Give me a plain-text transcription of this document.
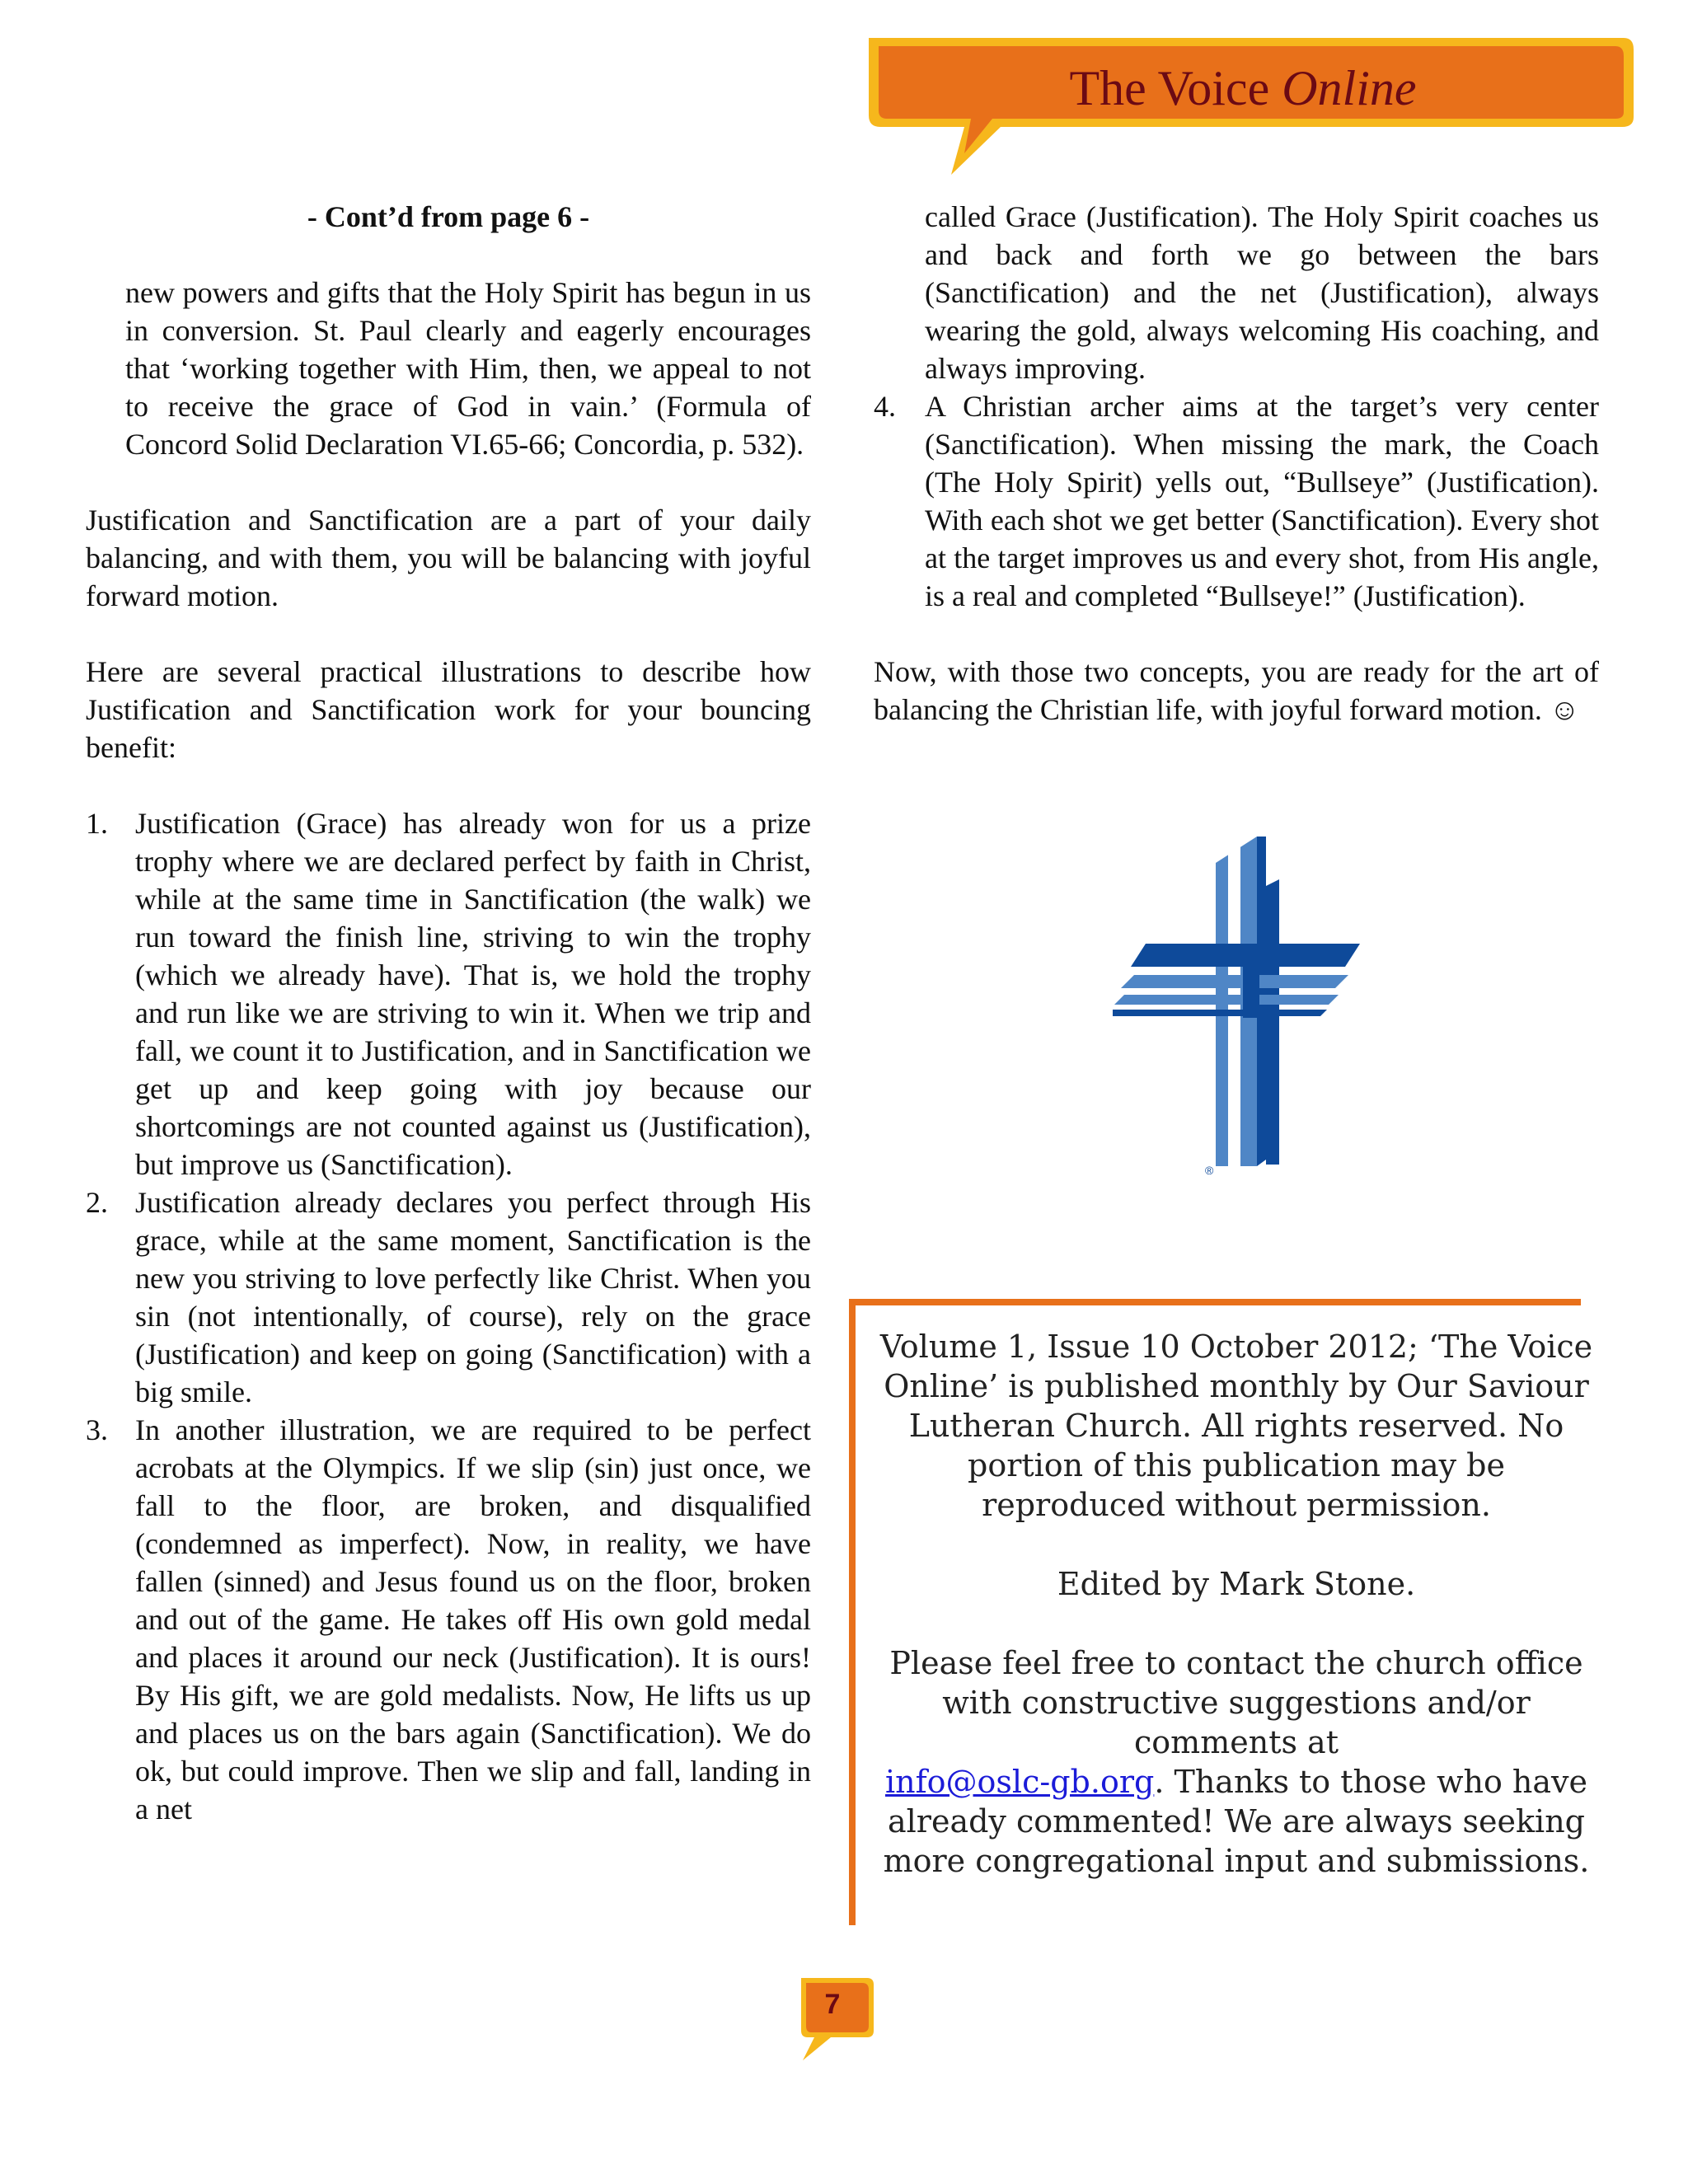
The Voice Online

- Cont’d from page 6 -

new powers and gifts that the Holy Spirit has begun in us in conversion. St. Paul clearly and eagerly encourages that ‘working together with Him, then, we appeal to not to receive the grace of God in vain.’ (Formula of Concord Solid Declaration VI.65-66; Concordia, p. 532).

Justification and Sanctification are a part of your daily balancing, and with them, you will be balancing with joyful forward motion.

Here are several practical illustrations to describe how Justification and Sanctification work for your bouncing benefit:

1. Justification (Grace) has already won for us a prize trophy where we are declared perfect by faith in Christ, while at the same time in Sanctification (the walk) we run toward the finish line, striving to win the trophy (which we already have). That is, we hold the trophy and run like we are striving to win it. When we trip and fall, we count it to Justification, and in Sanctification we get up and keep going with joy because our shortcomings are not counted against us (Justification), but improve us (Sanctification).
2. Justification already declares you perfect through His grace, while at the same moment, Sanctification is the new you striving to love perfectly like Christ. When you sin (not intentionally, of course), rely on the grace (Justification) and keep on going (Sanctification) with a big smile.
3. In another illustration, we are required to be perfect acrobats at the Olympics. If we slip (sin) just once, we fall to the floor, are broken, and disqualified (condemned as imperfect). Now, in reality, we have fallen (sinned) and Jesus found us on the floor, broken and out of the game. He takes off His own gold medal and places it around our neck (Justification). It is ours! By His gift, we are gold medalists. Now, He lifts us up and places us on the bars again (Sanctification). We do ok, but could improve. Then we slip and fall, landing in a net

called Grace (Justification). The Holy Spirit coaches us and back and forth we go between the bars (Sanctification) and the net (Justification), always wearing the gold, always welcoming His coaching, and always improving.

4. A Christian archer aims at the target’s very center (Sanctification). When missing the mark, the Coach (The Holy Spirit) yells out, “Bullseye” (Justification). With each shot we get better (Sanctification). Every shot at the target improves us and every shot, from His angle, is a real and completed “Bullseye!” (Justification).

Now, with those two concepts, you are ready for the art of balancing the Christian life, with joyful forward motion. ☺

®

Volume 1, Issue 10 October 2012; ‘The Voice Online’ is published monthly by Our Saviour Lutheran Church. All rights reserved. No portion of this publication may be reproduced without permission.

Edited by Mark Stone.

Please feel free to contact the church office with constructive suggestions and/or comments at
info@oslc-gb.org. Thanks to those who have already commented! We are always seeking more congregational input and submissions.

7
